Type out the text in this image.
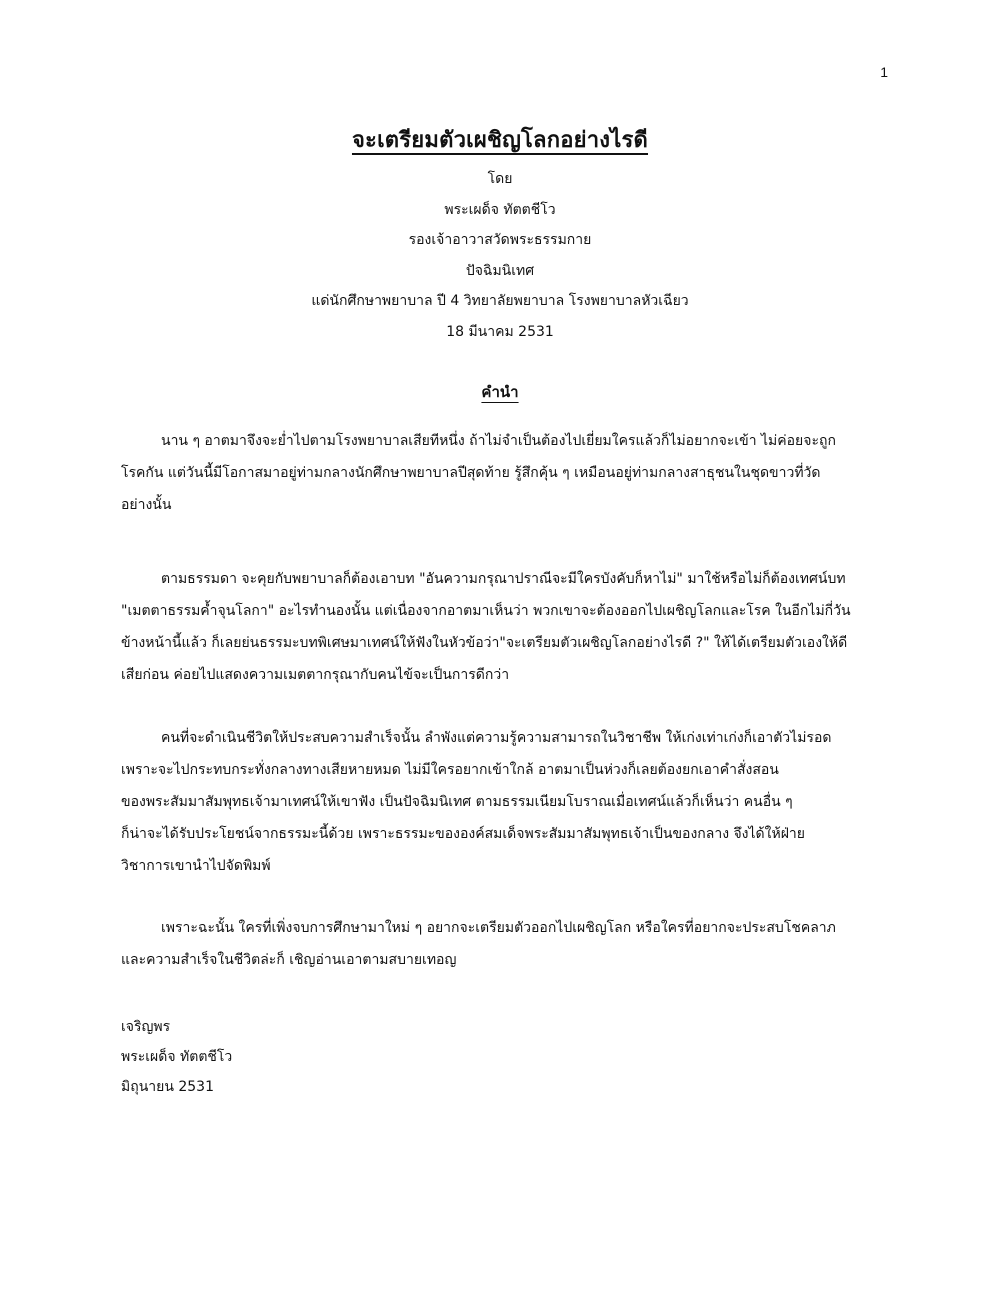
1
จะเตรียมตัวเผชิญโลกอย่างไรดี
โดย
พระเผด็จ ทัตตชีโว
รองเจ้าอาวาสวัดพระธรรมกาย
ปัจฉิมนิเทศ
แด่นักศึกษาพยาบาล ปี 4 วิทยาลัยพยาบาล โรงพยาบาลหัวเฉียว
18 มีนาคม 2531
คำนำ
นาน ๆ อาตมาจึงจะย่ำไปตามโรงพยาบาลเสียทีหนึ่ง ถ้าไม่จำเป็นต้องไปเยี่ยมใครแล้วก็ไม่อยากจะเข้า ไม่ค่อยจะถูก
โรคกัน แต่วันนี้มีโอกาสมาอยู่ท่ามกลางนักศึกษาพยาบาลปีสุดท้าย รู้สึกคุ้น ๆ เหมือนอยู่ท่ามกลางสาธุชนในชุดขาวที่วัด
อย่างนั้น
ตามธรรมดา จะคุยกับพยาบาลก็ต้องเอาบท "อันความกรุณาปราณีจะมีใครบังคับก็หาไม่" มาใช้หรือไม่ก็ต้องเทศน์บท
"เมตตาธรรมค้ำจุนโลกา" อะไรทำนองนั้น แต่เนื่องจากอาตมาเห็นว่า พวกเขาจะต้องออกไปเผชิญโลกและโรค ในอีกไม่กี่วัน
ข้างหน้านี้แล้ว ก็เลยย่นธรรมะบทพิเศษมาเทศน์ให้ฟังในหัวข้อว่า"จะเตรียมตัวเผชิญโลกอย่างไรดี ?" ให้ได้เตรียมตัวเองให้ดี
เสียก่อน ค่อยไปแสดงความเมตตากรุณากับคนไข้จะเป็นการดีกว่า
คนที่จะดำเนินชีวิตให้ประสบความสำเร็จนั้น ลำพังแต่ความรู้ความสามารถในวิชาชีพ ให้เก่งเท่าเก่งก็เอาตัวไม่รอด
เพราะจะไปกระทบกระทั่งกลางทางเสียหายหมด ไม่มีใครอยากเข้าใกล้ อาตมาเป็นห่วงก็เลยต้องยกเอาคำสั่งสอน
ของพระสัมมาสัมพุทธเจ้ามาเทศน์ให้เขาฟัง เป็นปัจฉิมนิเทศ ตามธรรมเนียมโบราณเมื่อเทศน์แล้วก็เห็นว่า คนอื่น ๆ
ก็น่าจะได้รับประโยชน์จากธรรมะนี้ด้วย เพราะธรรมะขององค์สมเด็จพระสัมมาสัมพุทธเจ้าเป็นของกลาง จึงได้ให้ฝ่าย
วิชาการเขานำไปจัดพิมพ์
เพราะฉะนั้น ใครที่เพิ่งจบการศึกษามาใหม่ ๆ อยากจะเตรียมตัวออกไปเผชิญโลก หรือใครที่อยากจะประสบโชคลาภ
และความสำเร็จในชีวิตล่ะก็ เชิญอ่านเอาตามสบายเทอญ
เจริญพร
พระเผด็จ ทัตตชีโว
มิถุนายน 2531
